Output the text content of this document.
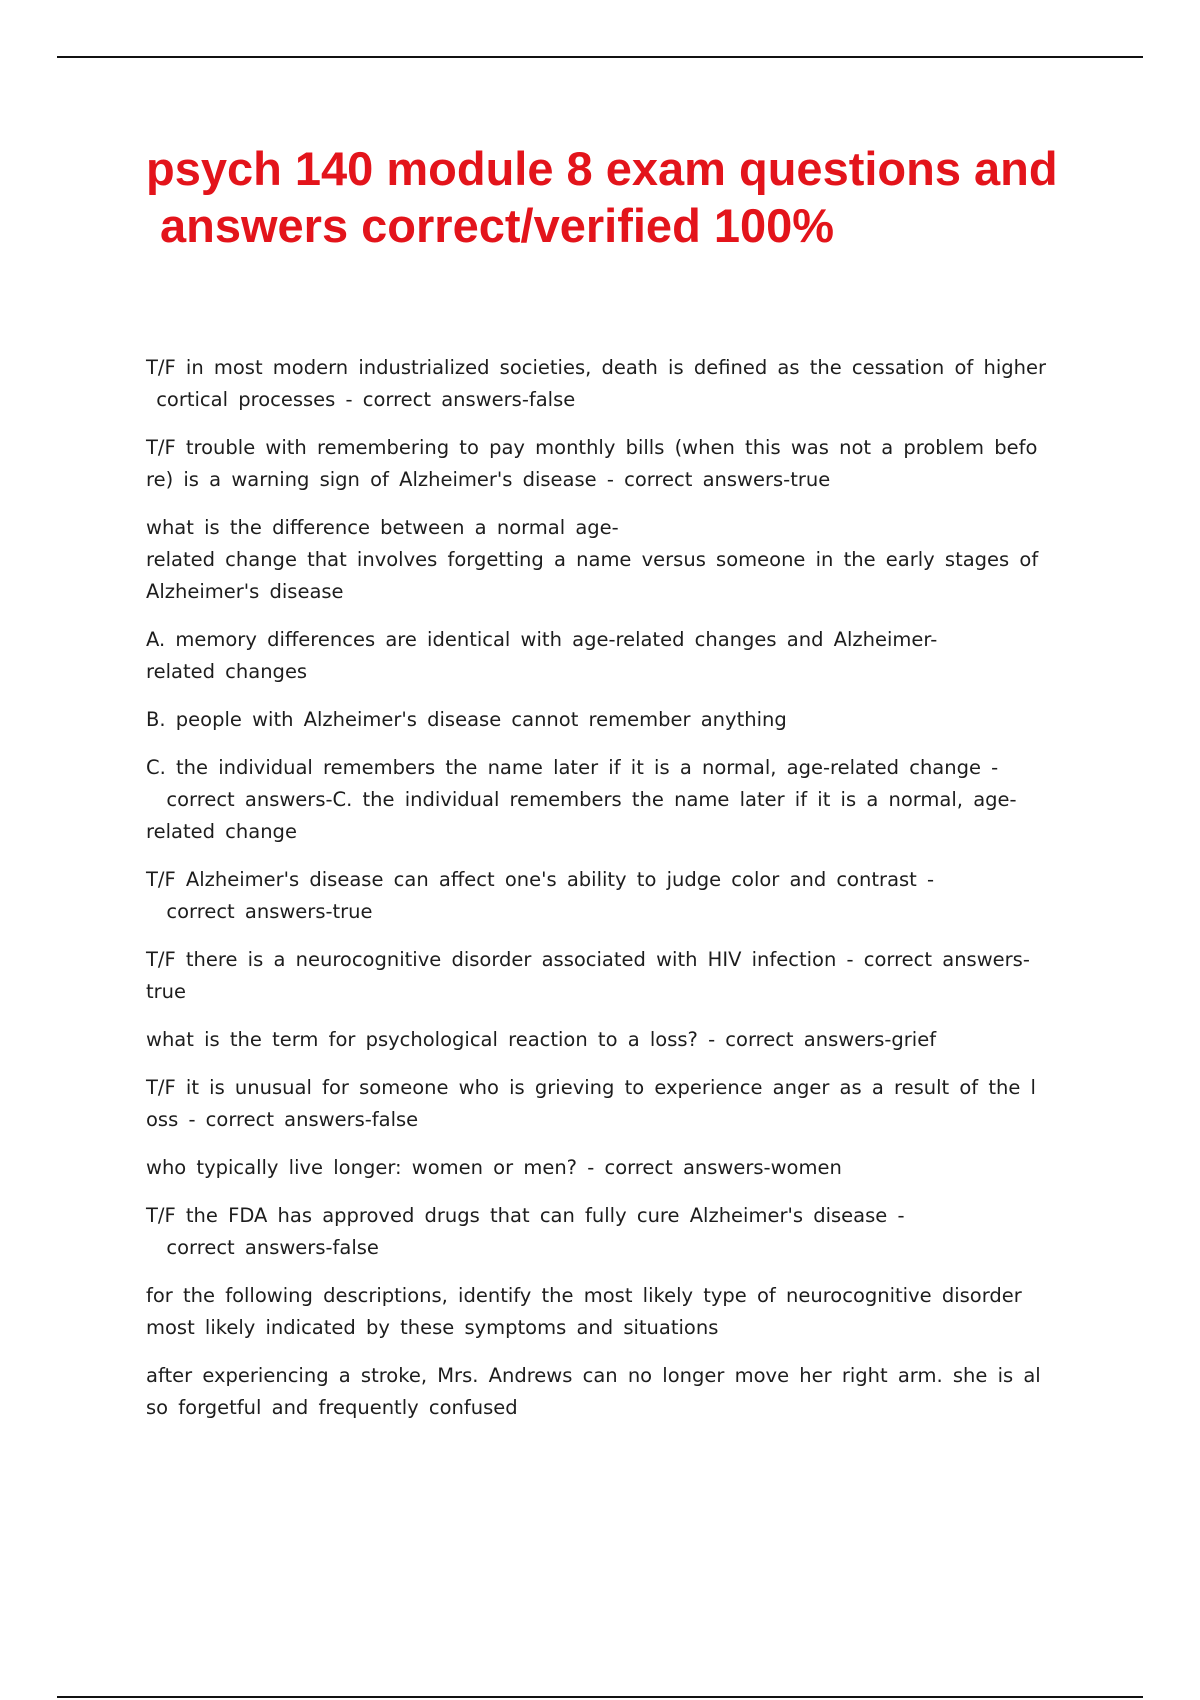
psych 140 module 8 exam questions and
answers correct/verified 100%

T/F in most modern industrialized societies, death is defined as the cessation of higher
cortical processes - correct answers-false

T/F trouble with remembering to pay monthly bills (when this was not a problem befo
re) is a warning sign of Alzheimer's disease - correct answers-true

what is the difference between a normal age-
related change that involves forgetting a name versus someone in the early stages of
Alzheimer's disease

A. memory differences are identical with age-related changes and Alzheimer-
related changes

B. people with Alzheimer's disease cannot remember anything

C. the individual remembers the name later if it is a normal, age-related change -
correct answers-C. the individual remembers the name later if it is a normal, age-
related change

T/F Alzheimer's disease can affect one's ability to judge color and contrast -
correct answers-true

T/F there is a neurocognitive disorder associated with HIV infection - correct answers-
true

what is the term for psychological reaction to a loss? - correct answers-grief

T/F it is unusual for someone who is grieving to experience anger as a result of the l
oss - correct answers-false

who typically live longer: women or men? - correct answers-women

T/F the FDA has approved drugs that can fully cure Alzheimer's disease -
correct answers-false

for the following descriptions, identify the most likely type of neurocognitive disorder
most likely indicated by these symptoms and situations

after experiencing a stroke, Mrs. Andrews can no longer move her right arm. she is al
so forgetful and frequently confused
